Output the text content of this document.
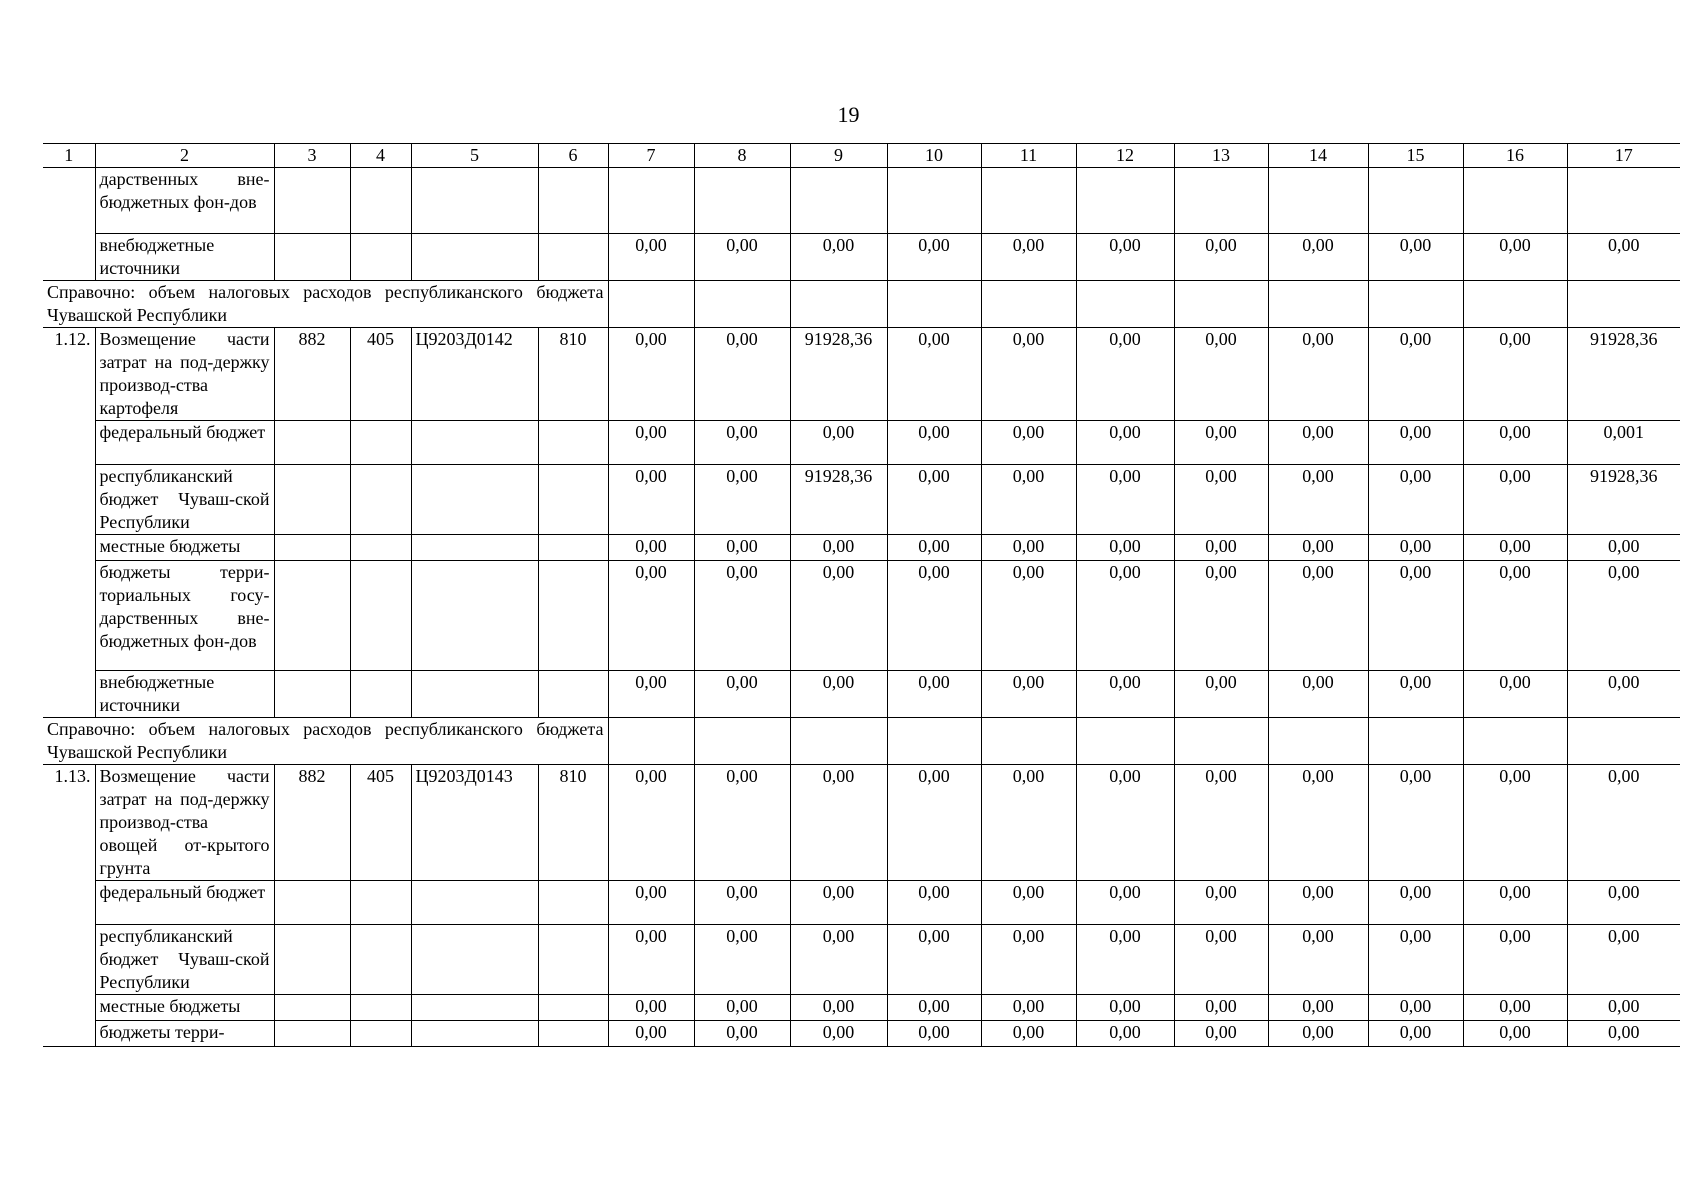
19
1	2	3	4	5	6	7	8	9	10	11	12	13	14	15	16	17
	дарственных вне-бюджетных фон-дов															
	внебюджетные источники					0,00	0,00	0,00	0,00	0,00	0,00	0,00	0,00	0,00	0,00	0,00
Справочно: объем налоговых расходов республиканского бюджета Чувашской Республики																
1.12.	Возмещение части затрат на под-держку производ-ства картофеля	882	405	Ц9203Д0142	810	0,00	0,00	91928,36	0,00	0,00	0,00	0,00	0,00	0,00	0,00	91928,36
	федеральный бюджет					0,00	0,00	0,00	0,00	0,00	0,00	0,00	0,00	0,00	0,00	0,001
	республиканский бюджет Чуваш-ской Республики					0,00	0,00	91928,36	0,00	0,00	0,00	0,00	0,00	0,00	0,00	91928,36
	местные бюджеты					0,00	0,00	0,00	0,00	0,00	0,00	0,00	0,00	0,00	0,00	0,00
	бюджеты терри-ториальных госу-дарственных вне-бюджетных фон-дов					0,00	0,00	0,00	0,00	0,00	0,00	0,00	0,00	0,00	0,00	0,00
	внебюджетные источники					0,00	0,00	0,00	0,00	0,00	0,00	0,00	0,00	0,00	0,00	0,00
Справочно: объем налоговых расходов республиканского бюджета Чувашской Республики																
1.13.	Возмещение части затрат на под-держку производ-ства овощей от-крытого грунта	882	405	Ц9203Д0143	810	0,00	0,00	0,00	0,00	0,00	0,00	0,00	0,00	0,00	0,00	0,00
	федеральный бюджет					0,00	0,00	0,00	0,00	0,00	0,00	0,00	0,00	0,00	0,00	0,00
	республиканский бюджет Чуваш-ской Республики					0,00	0,00	0,00	0,00	0,00	0,00	0,00	0,00	0,00	0,00	0,00
	местные бюджеты					0,00	0,00	0,00	0,00	0,00	0,00	0,00	0,00	0,00	0,00	0,00
	бюджеты терри-					0,00	0,00	0,00	0,00	0,00	0,00	0,00	0,00	0,00	0,00	0,00
